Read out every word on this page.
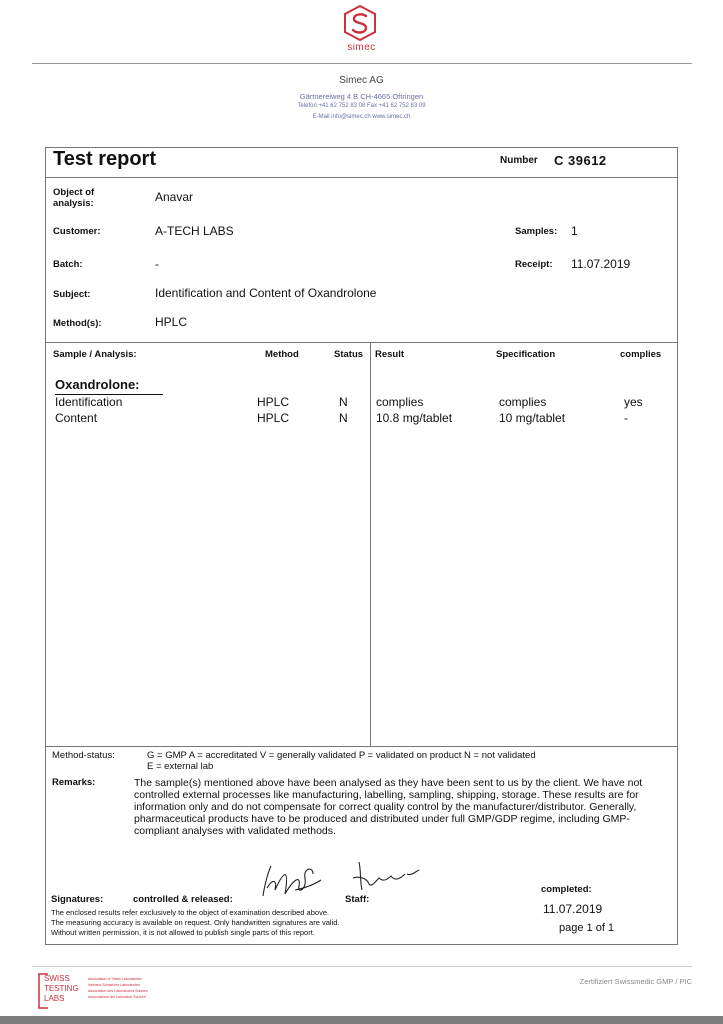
simec
Simec AG
Gärtnereiweg 4 B CH-4665 Oftringen
Telefon +41 62 752 83 08 Fax +41 62 752 83 09
E-Mail info@simec.ch www.simec.ch
Test report	Number C 39612
Object of analysis:	Anavar
Customer:	A-TECH LABS	Samples: 1
Batch:	-	Receipt: 11.07.2019
Subject:	Identification and Content of Oxandrolone
Method(s):	HPLC
Sample / Analysis:	Method	Status Result	Specification	complies
Oxandrolone:
Identification	HPLC	N complies	complies	yes
Content	HPLC	N 10.8 mg/tablet	10 mg/tablet	-
Method-status:	G = GMP A = accreditated V = generally validated P = validated on product N = not validated
E = external lab
Remarks:	The sample(s) mentioned above have been analysed as they have been sent to us by the client. We have not controlled external processes like manufacturing, labelling, sampling, shipping, storage. These results are for information only and do not compensate for correct quality control by the manufacturer/distributor. Generally, pharmaceutical products have to be produced and distributed under full GMP/GDP regime, including GMP-compliant analyses with validated methods.
Signatures:	controlled & released:	Staff:
completed:
11.07.2019
page 1 of 1
The enclosed results refer exclusively to the object of examination described above.
The measuring accuracy is available on request. Only handwritten signatures are valid.
Without written permission, it is not allowed to publish single parts of this report.
SWISS
TESTING
LABS
Association of Swiss Laboratories
Verband Schweizer Laboratorien
Association des Laboratoires Suisses
Associazione dei Laboratori Svizzeri
Zertifiziert Swissmedic GMP / PIC
